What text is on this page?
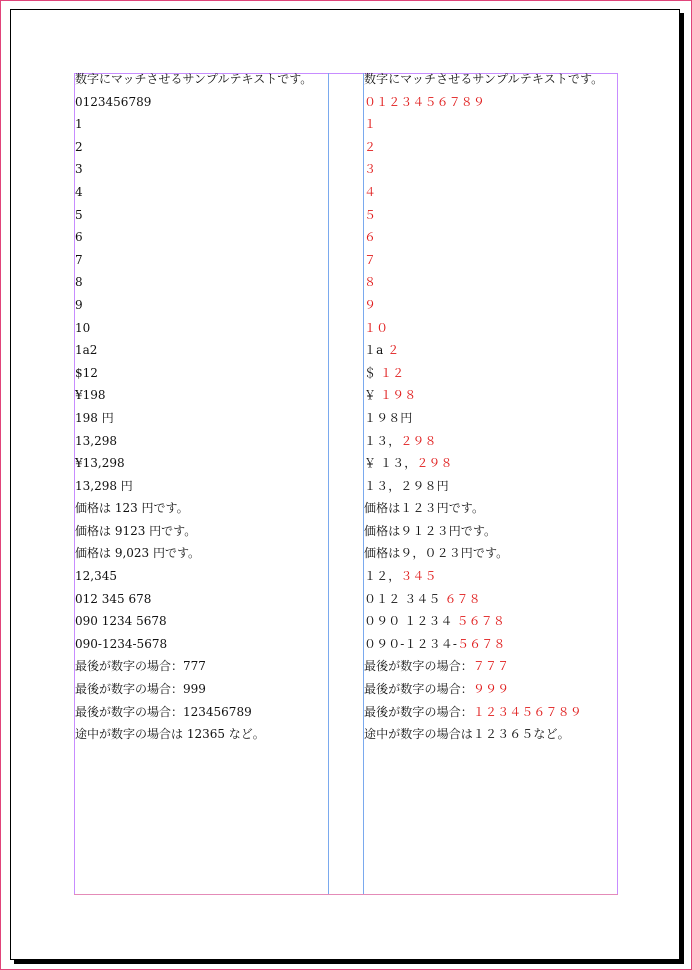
数字にマッチさせるサンプルテキストです。
0123456789
1
2
3
4
5
6
7
8
9
10
1a2
$12
¥198
198 円
13,298
¥13,298
13,298 円
価格は 123 円です。
価格は 9123 円です。
価格は 9,023 円です。
12,345
012 345 678
090 1234 5678
090-1234-5678
最後が数字の場合：777
最後が数字の場合：999
最後が数字の場合：123456789
途中が数字の場合は 12365 など。
数字にマッチさせるサンプルテキストです。
０１２３４５６７８９
１
２
３
４
５
６
７
８
９
１０
１a ２
＄ １２
￥ １９８
１９８円
１３，２９８
￥ １３，２９８
１３，２９８円
価格は１２３円です。
価格は９１２３円です。
価格は９，０２３円です。
１２，３４５
０１２ ３４５ ６７８
０９０ １２３４ ５６７８
０９０-１２３４-５６７８
最後が数字の場合：７７７
最後が数字の場合：９９９
最後が数字の場合：１２３４５６７８９
途中が数字の場合は１２３６５など。
